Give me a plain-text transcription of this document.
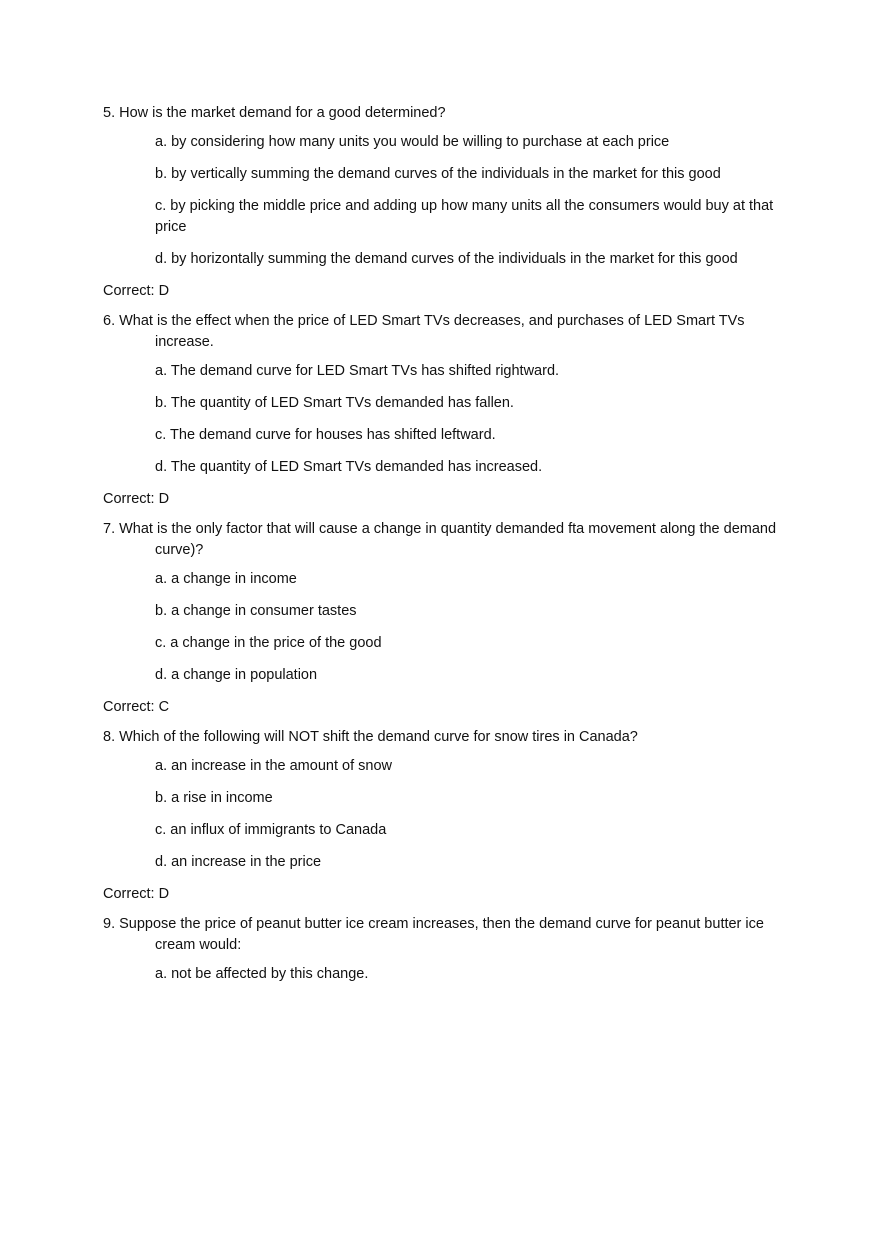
5. How is the market demand for a good determined?

a. by considering how many units you would be willing to purchase at each price

b. by vertically summing the demand curves of the individuals in the market for this good

c. by picking the middle price and adding up how many units all the consumers would buy at that price

d. by horizontally summing the demand curves of the individuals in the market for this good

Correct: D

6. What is the effect when the price of LED Smart TVs decreases, and purchases of LED Smart TVs increase.

a. The demand curve for LED Smart TVs has shifted rightward.

b. The quantity of LED Smart TVs demanded has fallen.

c. The demand curve for houses has shifted leftward.

d. The quantity of LED Smart TVs demanded has increased.

Correct: D

7. What is the only factor that will cause a change in quantity demanded fta movement along the demand curve)?

a. a change in income

b. a change in consumer tastes

c. a change in the price of the good

d. a change in population

Correct: C

8. Which of the following will NOT shift the demand curve for snow tires in Canada?

a. an increase in the amount of snow

b. a rise in income

c. an influx of immigrants to Canada

d. an increase in the price

Correct: D

9. Suppose the price of peanut butter ice cream increases, then the demand curve for peanut butter ice cream would:

a. not be affected by this change.
